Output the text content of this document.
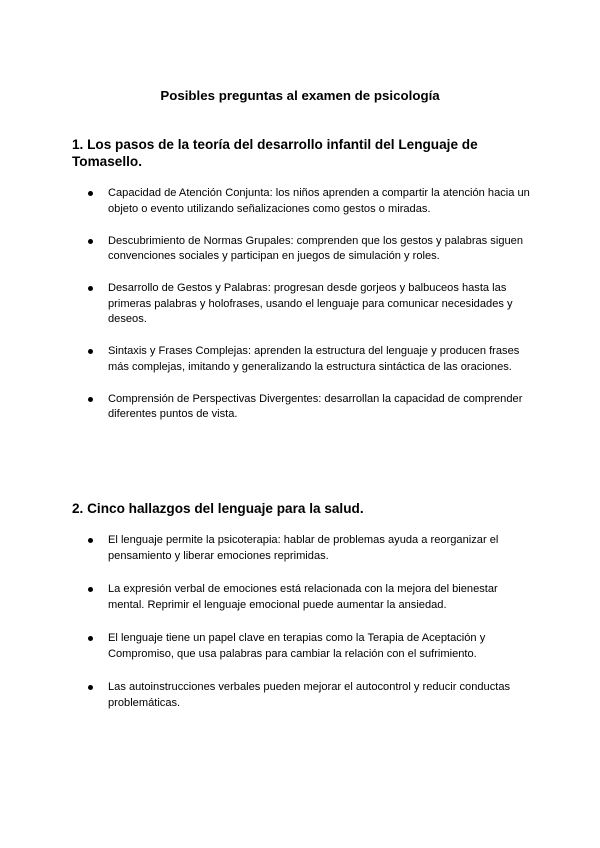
Posibles preguntas al examen de psicología
1. Los pasos de la teoría del desarrollo infantil del Lenguaje de Tomasello.
Capacidad de Atención Conjunta: los niños aprenden a compartir la atención hacia un objeto o evento utilizando señalizaciones como gestos o miradas.
Descubrimiento de Normas Grupales: comprenden que los gestos y palabras siguen convenciones sociales y participan en juegos de simulación y roles.
Desarrollo de Gestos y Palabras: progresan desde gorjeos y balbuceos hasta las primeras palabras y holofrases, usando el lenguaje para comunicar necesidades y deseos.
Sintaxis y Frases Complejas: aprenden la estructura del lenguaje y producen frases más complejas, imitando y generalizando la estructura sintáctica de las oraciones.
Comprensión de Perspectivas Divergentes: desarrollan la capacidad de comprender diferentes puntos de vista.
2. Cinco hallazgos del lenguaje para la salud.
El lenguaje permite la psicoterapia: hablar de problemas ayuda a reorganizar el pensamiento y liberar emociones reprimidas.
La expresión verbal de emociones está relacionada con la mejora del bienestar mental. Reprimir el lenguaje emocional puede aumentar la ansiedad.
El lenguaje tiene un papel clave en terapias como la Terapia de Aceptación y Compromiso, que usa palabras para cambiar la relación con el sufrimiento.
Las autoinstrucciones verbales pueden mejorar el autocontrol y reducir conductas problemáticas.
